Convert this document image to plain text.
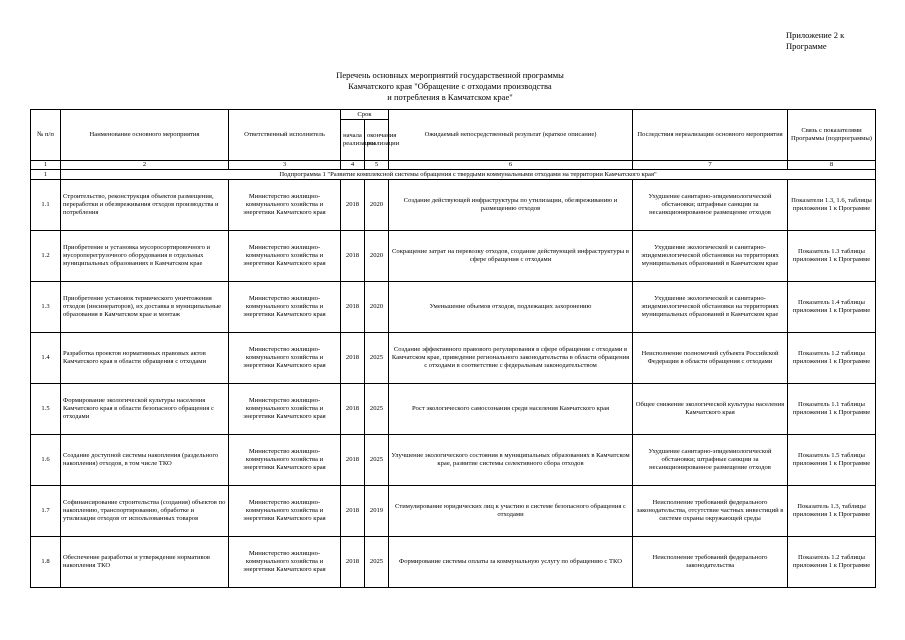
Приложение 2 к
Программе
Перечень основных мероприятий государственной программы
Камчатского края "Обращение с отходами производства
и потребления в Камчатском крае"
№ п/п	Наименование основного мероприятия	Ответственный исполнитель	Срок		Ожидаемый непосредственный результат (краткое описание)	Последствия нереализации основного мероприятия	Связь с показателями Программы (подпрограммы)
			начала реализации	окончания реализации			
1	2	3	4	5	6	7	8
1	Подпрограмма 1 "Развитие комплексной системы обращения с твердыми коммунальными отходами на территории Камчатского края"						
1.1	Строительство, реконструкция объектов размещения, переработки и обезвреживания отходов производства и потребления	Министерство жилищно-коммунального хозяйства и энергетики Камчатского края	2018	2020	Создание действующей инфраструктуры по утилизации, обезвреживанию и размещению отходов	Ухудшение санитарно-эпидемиологической обстановки; штрафные санкции за несанкционированное размещение отходов	Показатели 1.3, 1.6, таблицы приложения 1 к Программе
1.2	Приобретение и установка мусоросортировочного и мусороперегрузочного оборудования в отдельных муниципальных образованиях в Камчатском крае	Министерство жилищно-коммунального хозяйства и энергетики Камчатского края	2018	2020	Сокращение затрат на перевозку отходов, создание действующей инфраструктуры в сфере обращения с отходами	Ухудшение экологической и санитарно-эпидемиологической обстановки на территориях муниципальных образований в Камчатском крае	Показатель 1.3 таблицы приложения 1 к Программе
1.3	Приобретение установок термического уничтожения отходов (инсинераторов), их доставка в муниципальные образования в Камчатском крае и монтаж	Министерство жилищно-коммунального хозяйства и энергетики Камчатского края	2018	2020	Уменьшение объемов отходов, подлежащих захоронению	Ухудшение экологической и санитарно-эпидемиологической обстановки на территориях муниципальных образований в Камчатском крае	Показатель 1.4 таблицы приложения 1 к Программе
1.4	Разработка проектов нормативных правовых актов Камчатского края в области обращения с отходами	Министерство жилищно-коммунального хозяйства и энергетики Камчатского края	2018	2025	Создание эффективного правового регулирования в сфере обращения с отходами в Камчатском крае, приведение регионального законодательства в области обращения с отходами в соответствие с федеральным законодательством	Неисполнение полномочий субъекта Российской Федерации в области обращения с отходами	Показатель 1.2 таблицы приложения 1 к Программе
1.5	Формирование экологической культуры населения Камчатского края в области безопасного обращения с отходами	Министерство жилищно-коммунального хозяйства и энергетики Камчатского края	2018	2025	Рост экологического самосознания среди населения Камчатского края	Общее снижение экологической культуры населения Камчатского края	Показатель 1.1 таблицы приложения 1 к Программе
1.6	Создание доступной системы накопления (раздельного накопления) отходов, в том числе ТКО	Министерство жилищно-коммунального хозяйства и энергетики Камчатского края	2018	2025	Улучшение экологического состояния в муниципальных образованиях в Камчатском крае, развитие системы селективного сбора отходов	Ухудшение санитарно-эпидемиологической обстановки; штрафные санкции за несанкционированное размещение отходов	Показатель 1.5 таблицы приложения 1 к Программе
1.7	Софинансирование строительства (создания) объектов по накоплению, транспортированию, обработке и утилизации отходов от использованных товаров	Министерство жилищно-коммунального хозяйства и энергетики Камчатского края	2018	2019	Стимулирование юридических лиц к участию в системе безопасного обращения с отходами	Неисполнение требований федерального законодательства, отсутствие частных инвестиций в системе охраны окружающей среды	Показатель 1.3, таблицы приложения 1 к Программе
1.8	Обеспечение разработки и утверждение нормативов накопления ТКО	Министерство жилищно-коммунального хозяйства и энергетики Камчатского края	2018	2025	Формирование системы оплаты за коммунальную услугу по обращению с ТКО	Неисполнение требований федерального законодательства	Показатель 1.2 таблицы приложения 1 к Программе
